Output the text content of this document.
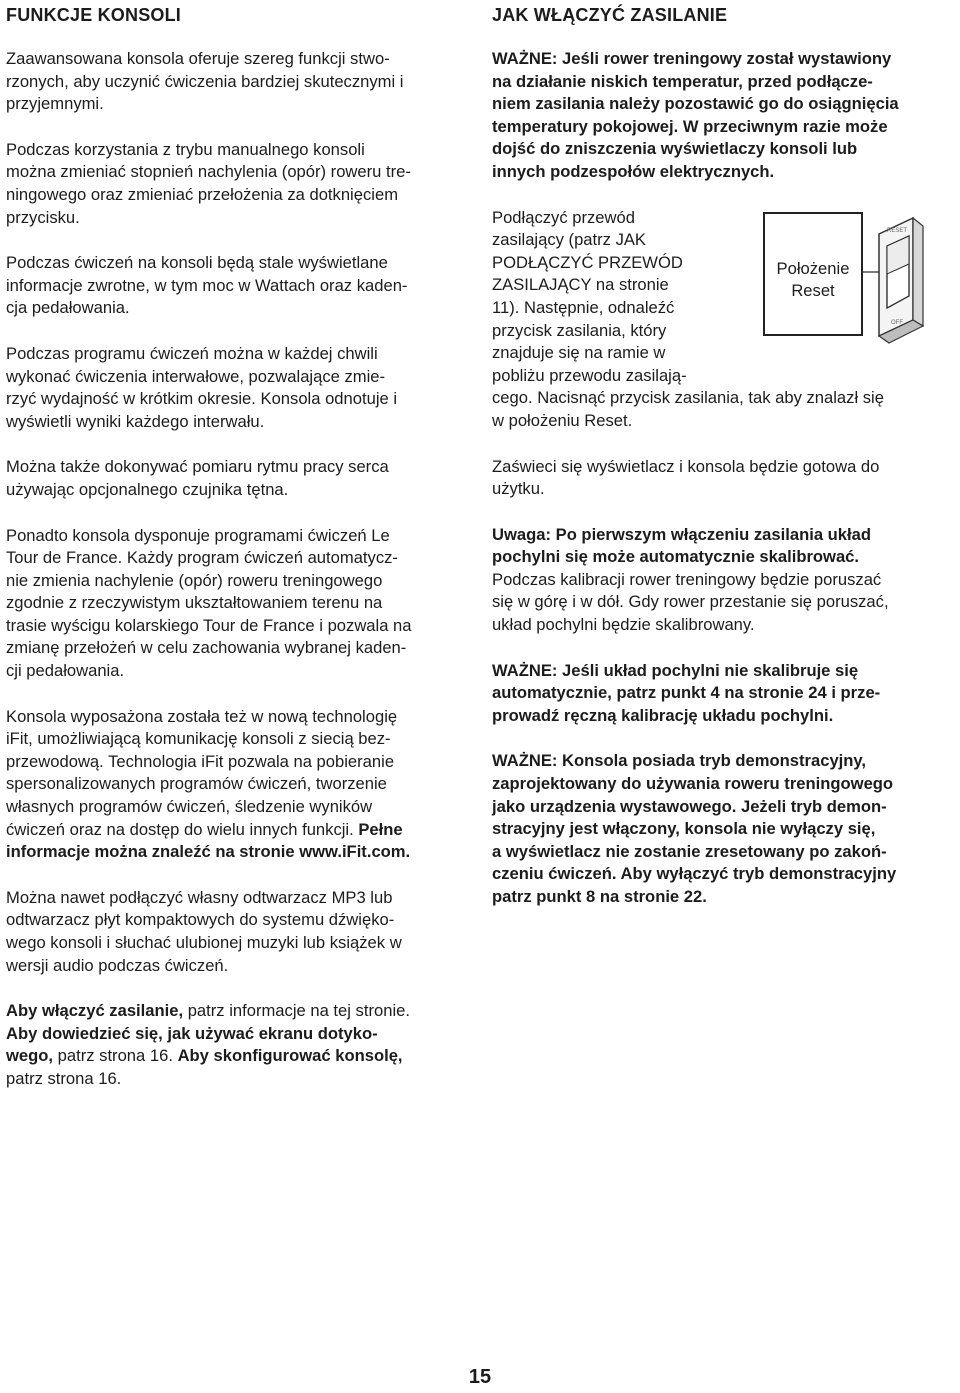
FUNKCJE KONSOLI

Zaawansowana konsola oferuje szereg funkcji stwo-
rzonych, aby uczynić ćwiczenia bardziej skutecznymi i
przyjemnymi.

Podczas korzystania z trybu manualnego konsoli
można zmieniać stopnień nachylenia (opór) roweru tre-
ningowego oraz zmieniać przełożenia za dotknięciem
przycisku.

Podczas ćwiczeń na konsoli będą stale wyświetlane
informacje zwrotne, w tym moc w Wattach oraz kaden-
cja pedałowania.

Podczas programu ćwiczeń można w każdej chwili
wykonać ćwiczenia interwałowe, pozwalające zmie-
rzyć wydajność w krótkim okresie. Konsola odnotuje i
wyświetli wyniki każdego interwału.

Można także dokonywać pomiaru rytmu pracy serca
używając opcjonalnego czujnika tętna.

Ponadto konsola dysponuje programami ćwiczeń Le
Tour de France. Każdy program ćwiczeń automatycz-
nie zmienia nachylenie (opór) roweru treningowego
zgodnie z rzeczywistym ukształtowaniem terenu na
trasie wyścigu kolarskiego Tour de France i pozwala na
zmianę przełożeń w celu zachowania wybranej kaden-
cji pedałowania.

Konsola wyposażona została też w nową technologię
iFit, umożliwiającą komunikację konsoli z siecią bez-
przewodową. Technologia iFit pozwala na pobieranie
spersonalizowanych programów ćwiczeń, tworzenie
własnych programów ćwiczeń, śledzenie wyników
ćwiczeń oraz na dostęp do wielu innych funkcji. Pełne
informacje można znaleźć na stronie www.iFit.com.

Można nawet podłączyć własny odtwarzacz MP3 lub
odtwarzacz płyt kompaktowych do systemu dźwięko-
wego konsoli i słuchać ulubionej muzyki lub książek w
wersji audio podczas ćwiczeń.

Aby włączyć zasilanie, patrz informacje na tej stronie.
Aby dowiedzieć się, jak używać ekranu dotyko-
wego, patrz strona 16. Aby skonfigurować konsolę,
patrz strona 16.

JAK WŁĄCZYĆ ZASILANIE

WAŻNE: Jeśli rower treningowy został wystawiony
na działanie niskich temperatur, przed podłącze-
niem zasilania należy pozostawić go do osiągnięcia
temperatury pokojowej. W przeciwnym razie może
dojść do zniszczenia wyświetlaczy konsoli lub
innych podzespołów elektrycznych.

Podłączyć przewód
zasilający (patrz JAK
PODŁĄCZYĆ PRZEWÓD
ZASILAJĄCY na stronie
11). Następnie, odnaleźć
przycisk zasilania, który
znajduje się na ramie w
pobliżu przewodu zasilają-

cego. Nacisnąć przycisk zasilania, tak aby znalazł się
w położeniu Reset.

Zaświeci się wyświetlacz i konsola będzie gotowa do
użytku.

Uwaga: Po pierwszym włączeniu zasilania układ
pochylni się może automatycznie skalibrować.
Podczas kalibracji rower treningowy będzie poruszać
się w górę i w dół. Gdy rower przestanie się poruszać,
układ pochylni będzie skalibrowany.

WAŻNE: Jeśli układ pochylni nie skalibruje się
automatycznie, patrz punkt 4 na stronie 24 i prze-
prowadź ręczną kalibrację układu pochylni.

WAŻNE: Konsola posiada tryb demonstracyjny,
zaprojektowany do używania roweru treningowego
jako urządzenia wystawowego. Jeżeli tryb demon-
stracyjny jest włączony, konsola nie wyłączy się,
a wyświetlacz nie zostanie zresetowany po zakoń-
czeniu ćwiczeń. Aby wyłączyć tryb demonstracyjny
patrz punkt 8 na stronie 22.

Położenie
Reset
RESET
OFF
15
